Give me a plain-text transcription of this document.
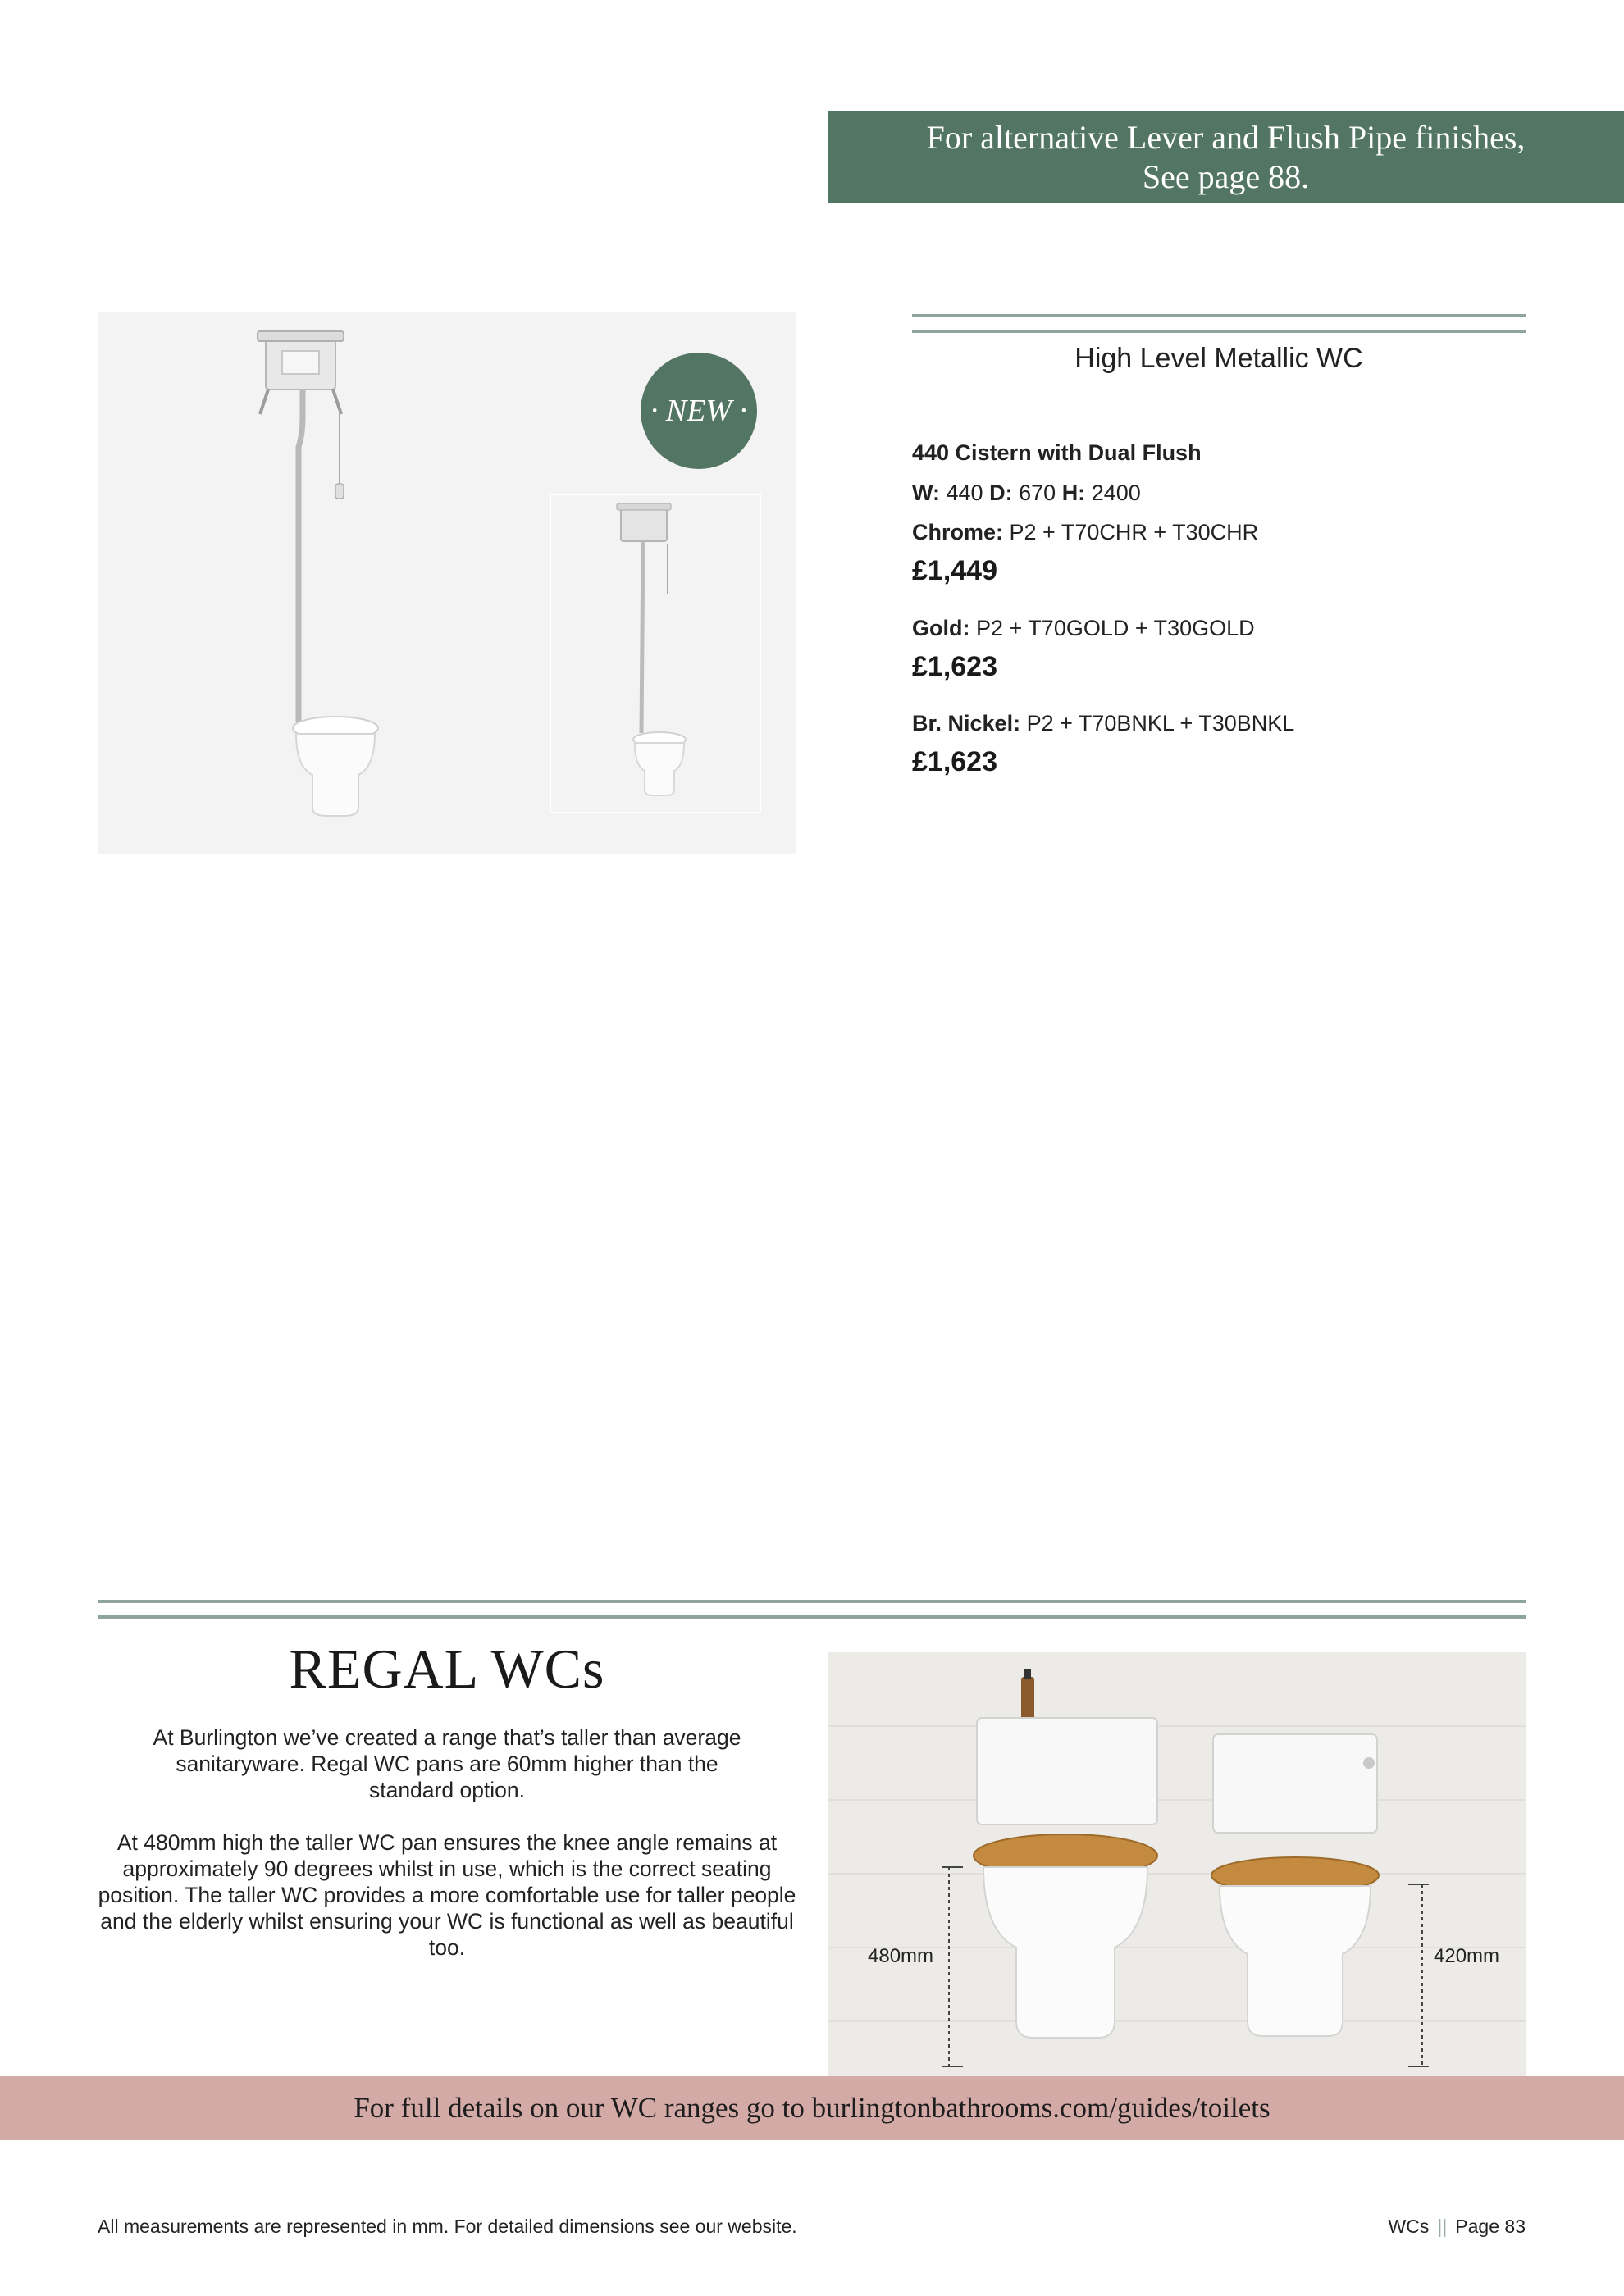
For alternative Lever and Flush Pipe finishes,
See page 88.
· NEW ·
High Level Metallic WC
440 Cistern with Dual Flush
W: 440 D: 670 H: 2400
Chrome: P2 + T70CHR + T30CHR
£1,449
Gold: P2 + T70GOLD + T30GOLD
£1,623
Br. Nickel: P2 + T70BNKL + T30BNKL
£1,623
REGAL WCs
At Burlington we’ve created a range that’s taller than average sanitaryware. Regal WC pans are 60mm higher than the standard option.
At 480mm high the taller WC pan ensures the knee angle remains at approximately 90 degrees whilst in use, which is the correct seating position. The taller WC provides a more comfortable use for taller people and the elderly whilst ensuring your WC is functional as well as beautiful too.	480mm	420mm
For full details on our WC ranges go to burlingtonbathrooms.com/guides/toilets
All measurements are represented in mm. For detailed dimensions see our website.	WCs || Page 83
